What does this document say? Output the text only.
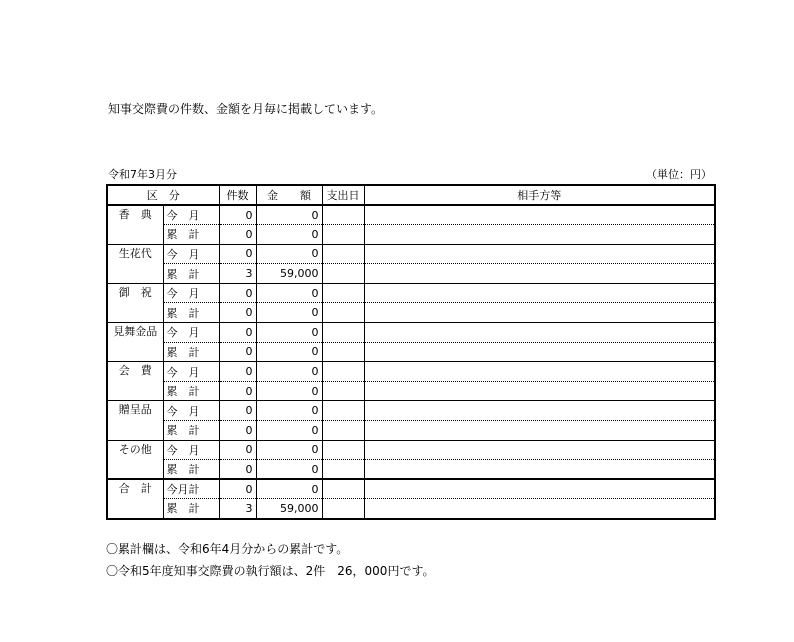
知事交際費の件数、金額を月毎に掲載しています。
令和7年3月分	（単位：円）
区　分		件数	金　　額	支出日	相手方等
香　典	今　月	0	0		
	累　計	0	0		
生花代	今　月	0	0		
	累　計	3	59,000		
御　祝	今　月	0	0		
	累　計	0	0		
見舞金品	今　月	0	0		
	累　計	0	0		
会　費	今　月	0	0		
	累　計	0	0		
贈呈品	今　月	0	0		
	累　計	0	0		
その他	今　月	0	0		
	累　計	0	0		
合　計	今月計	0	0		
	累　計	3	59,000		
〇累計欄は、令和6年4月分からの累計です。
〇令和5年度知事交際費の執行額は、2件　26，000円です。
